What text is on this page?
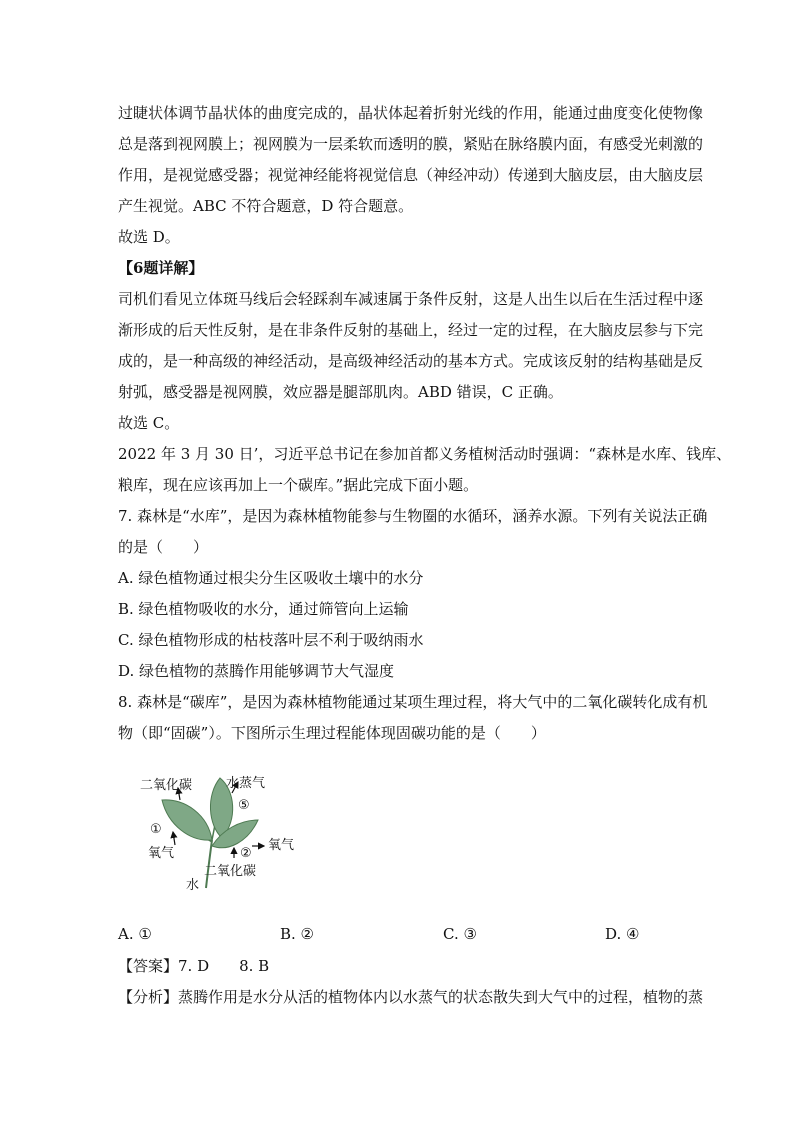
过睫状体调节晶状体的曲度完成的，晶状体起着折射光线的作用，能通过曲度变化使物像
总是落到视网膜上；视网膜为一层柔软而透明的膜，紧贴在脉络膜内面，有感受光刺激的
作用，是视觉感受器；视觉神经能将视觉信息（神经冲动）传递到大脑皮层，由大脑皮层
产生视觉。ABC 不符合题意，D 符合题意。
故选 D。
【6题详解】
司机们看见立体斑马线后会轻踩刹车减速属于条件反射，这是人出生以后在生活过程中逐
渐形成的后天性反射，是在非条件反射的基础上，经过一定的过程，在大脑皮层参与下完
成的，是一种高级的神经活动，是高级神经活动的基本方式。完成该反射的结构基础是反
射弧，感受器是视网膜，效应器是腿部肌肉。ABD 错误，C 正确。
故选 C。
2022 年 3 月 30 日’，习近平总书记在参加首都义务植树活动时强调：“森林是水库、钱库、
粮库，现在应该再加上一个碳库。”据此完成下面小题。
7. 森林是“水库”，是因为森林植物能参与生物圈的水循环，涵养水源。下列有关说法正确
的是（　　）
A. 绿色植物通过根尖分生区吸收土壤中的水分
B. 绿色植物吸收的水分，通过筛管向上运输
C. 绿色植物形成的枯枝落叶层不利于吸纳雨水
D. 绿色植物的蒸腾作用能够调节大气湿度
8. 森林是“碳库”，是因为森林植物能通过某项生理过程，将大气中的二氧化碳转化成有机
物（即“固碳”）。下图所示生理过程能体现固碳功能的是（　　）
二氧化碳	水蒸气
⑤
①
氧气
氧气
②
二氧化碳
水
A. ①	B. ②	C. ③	D. ④
【答案】7. D　　8. B
【分析】蒸腾作用是水分从活的植物体内以水蒸气的状态散失到大气中的过程，植物的蒸
